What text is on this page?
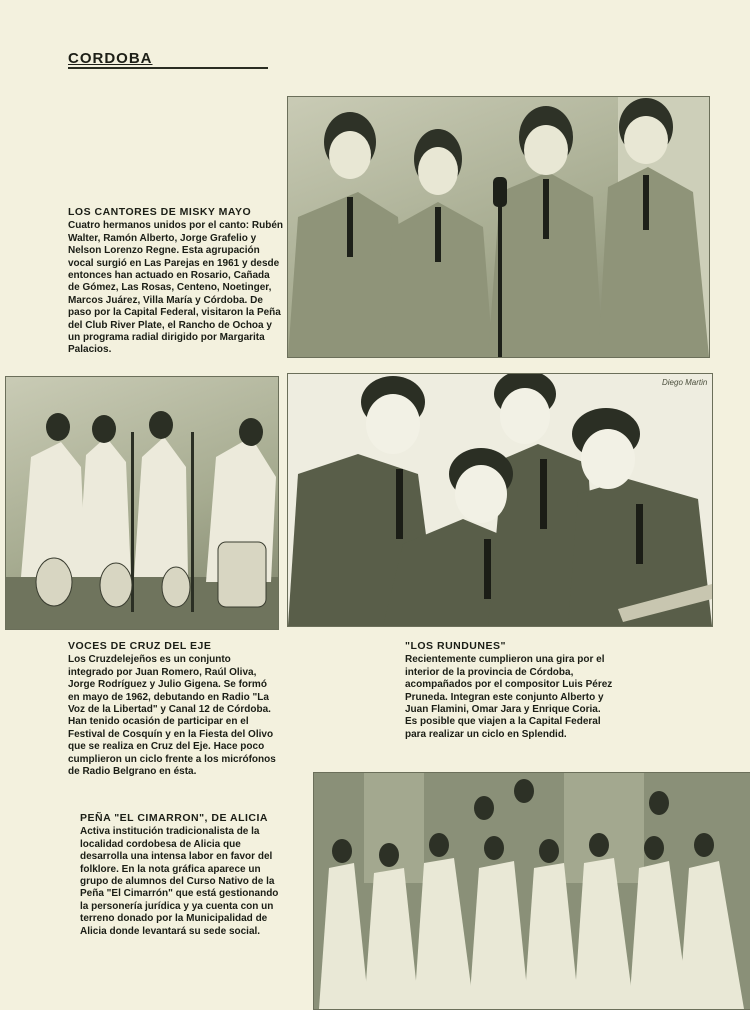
CORDOBA
LOS CANTORES DE MISKY MAYO
Cuatro hermanos unidos por el canto: Rubén Walter, Ramón Alberto, Jorge Grafelio y Nelson Lorenzo Regne. Esta agrupación vocal surgió en Las Parejas en 1961 y desde entonces han actuado en Rosario, Cañada de Gómez, Las Rosas, Centeno, Noetinger, Marcos Juárez, Villa María y Córdoba. De paso por la Capital Federal, visitaron la Peña del Club River Plate, el Rancho de Ochoa y un programa radial dirigido por Margarita Palacios.
Diego Martin
VOCES DE CRUZ DEL EJE
Los Cruzdelejeños es un conjunto integrado por Juan Romero, Raúl Oliva, Jorge Rodríguez y Julio Gigena. Se formó en mayo de 1962, debutando en Radio "La Voz de la Libertad" y Canal 12 de Córdoba. Han tenido ocasión de participar en el Festival de Cosquín y en la Fiesta del Olivo que se realiza en Cruz del Eje. Hace poco cumplieron un ciclo frente a los micrófonos de Radio Belgrano en ésta.
"LOS RUNDUNES"
Recientemente cumplieron una gira por el interior de la provincia de Córdoba, acompañados por el compositor Luis Pérez Pruneda. Integran este conjunto Alberto y Juan Flamini, Omar Jara y Enrique Coria. Es posible que viajen a la Capital Federal para realizar un ciclo en Splendid.
PEÑA "EL CIMARRON", DE ALICIA
Activa institución tradicionalista de la localidad cordobesa de Alicia que desarrolla una intensa labor en favor del folklore. En la nota gráfica aparece un grupo de alumnos del Curso Nativo de la Peña "El Cimarrón" que está gestionando la personería jurídica y ya cuenta con un terreno donado por la Municipalidad de Alicia donde levantará su sede social.
